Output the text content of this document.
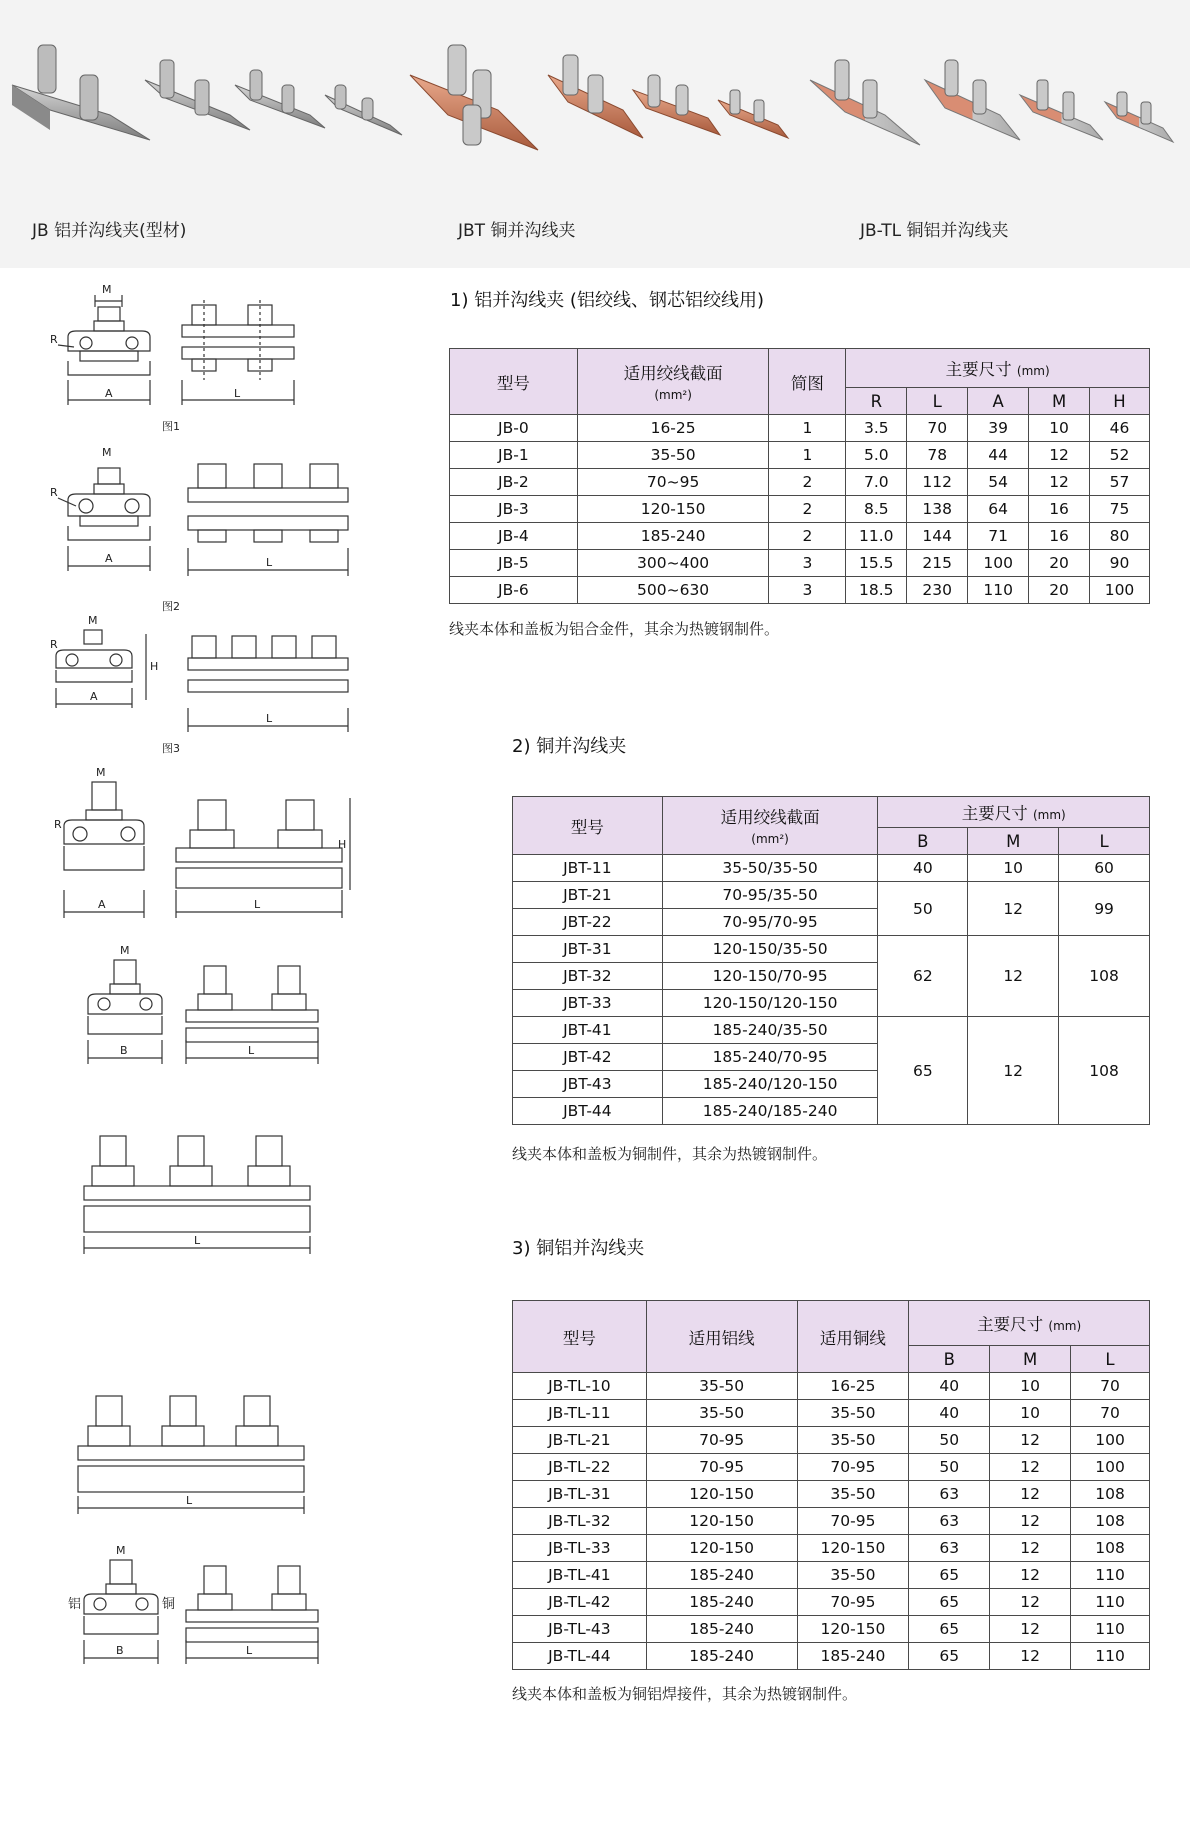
JB 铝并沟线夹(型材)	JBT 铜并沟线夹	JB-TL 铜铝并沟线夹
M
R
A	L
图1
M
R
A	L
图2
M
R
H
A
L
图3
M
R
A	L
H
M
B	L
L
L
M
铝	铜
B	L
1) 铝并沟线夹 (铝绞线、钢芯铝绞线用)
型号	适用绞线截面
(mm²)	简图	主要尺寸 (mm)				
			R	L	A	M	H
JB-0	16-25	1	3.5	70	39	10	46
JB-1	35-50	1	5.0	78	44	12	52
JB-2	70~95	2	7.0	112	54	12	57
JB-3	120-150	2	8.5	138	64	16	75
JB-4	185-240	2	11.0	144	71	16	80
JB-5	300~400	3	15.5	215	100	20	90
JB-6	500~630	3	18.5	230	110	20	100
线夹本体和盖板为铝合金件，其余为热镀钢制件。
2) 铜并沟线夹
型号	适用绞线截面
(mm²)	主要尺寸 (mm)		
		B	M	L
JBT-11	35-50/35-50	40	10	60
JBT-21	70-95/35-50	50	12	99
JBT-22	70-95/70-95			
JBT-31	120-150/35-50	62	12	108
JBT-32	120-150/70-95			
JBT-33	120-150/120-150			
JBT-41	185-240/35-50	65	12	108
JBT-42	185-240/70-95			
JBT-43	185-240/120-150			
JBT-44	185-240/185-240			
线夹本体和盖板为铜制件，其余为热镀钢制件。
3) 铜铝并沟线夹
型号	适用铝线	适用铜线	主要尺寸 (mm)		
			B	M	L
JB-TL-10	35-50	16-25	40	10	70
JB-TL-11	35-50	35-50	40	10	70
JB-TL-21	70-95	35-50	50	12	100
JB-TL-22	70-95	70-95	50	12	100
JB-TL-31	120-150	35-50	63	12	108
JB-TL-32	120-150	70-95	63	12	108
JB-TL-33	120-150	120-150	63	12	108
JB-TL-41	185-240	35-50	65	12	110
JB-TL-42	185-240	70-95	65	12	110
JB-TL-43	185-240	120-150	65	12	110
JB-TL-44	185-240	185-240	65	12	110
线夹本体和盖板为铜铝焊接件，其余为热镀钢制件。
